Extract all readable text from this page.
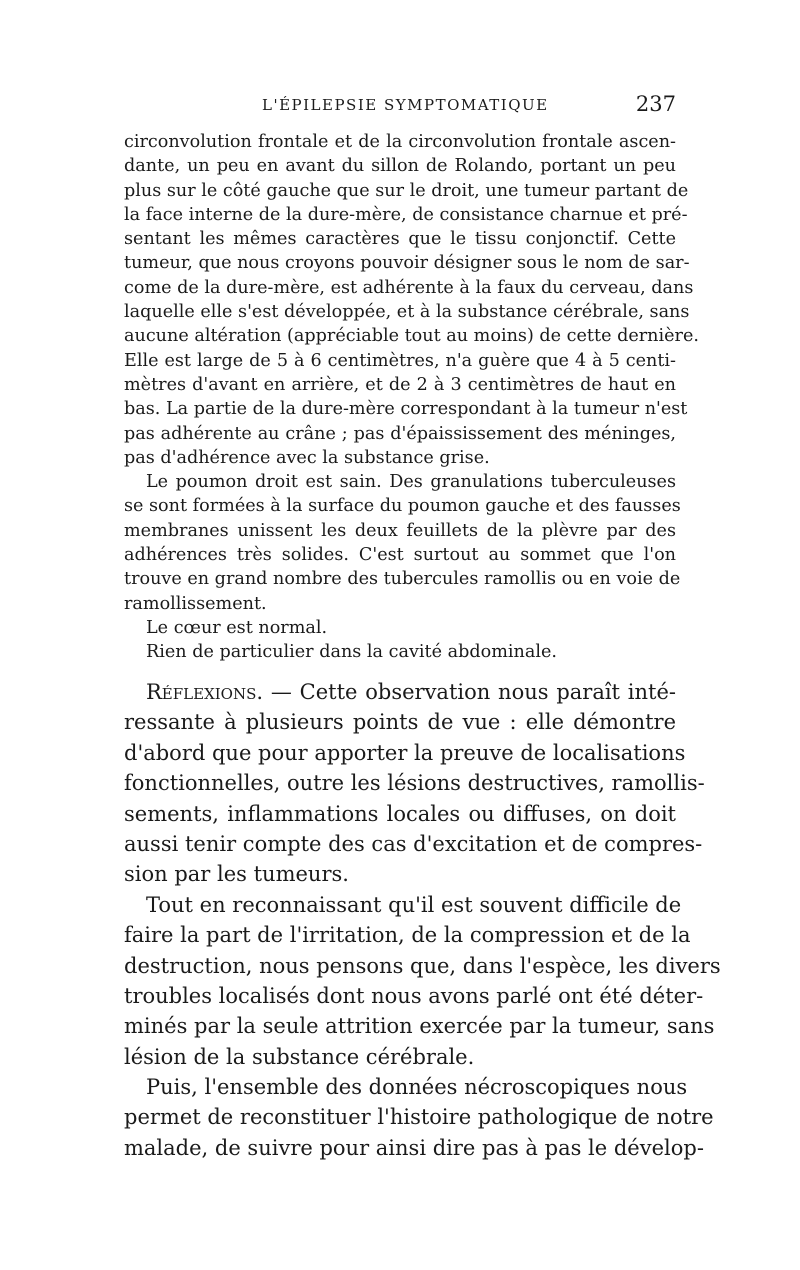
L'ÉPILEPSIE SYMPTOMATIQUE	237
circonvolution frontale et de la circonvolution frontale ascen-
dante, un peu en avant du sillon de Rolando, portant un peu
plus sur le côté gauche que sur le droit, une tumeur partant de
la face interne de la dure-mère, de consistance charnue et pré-
sentant les mêmes caractères que le tissu conjonctif. Cette
tumeur, que nous croyons pouvoir désigner sous le nom de sar-
come de la dure-mère, est adhérente à la faux du cerveau, dans
laquelle elle s'est développée, et à la substance cérébrale, sans
aucune altération (appréciable tout au moins) de cette dernière.
Elle est large de 5 à 6 centimètres, n'a guère que 4 à 5 centi-
mètres d'avant en arrière, et de 2 à 3 centimètres de haut en
bas. La partie de la dure-mère correspondant à la tumeur n'est
pas adhérente au crâne ; pas d'épaississement des méninges,
pas d'adhérence avec la substance grise.
Le poumon droit est sain. Des granulations tuberculeuses
se sont formées à la surface du poumon gauche et des fausses
membranes unissent les deux feuillets de la plèvre par des
adhérences très solides. C'est surtout au sommet que l'on
trouve en grand nombre des tubercules ramollis ou en voie de
ramollissement.
Le cœur est normal.
Rien de particulier dans la cavité abdominale.
Réflexions. — Cette observation nous paraît inté-
ressante à plusieurs points de vue : elle démontre
d'abord que pour apporter la preuve de localisations
fonctionnelles, outre les lésions destructives, ramollis-
sements, inflammations locales ou diffuses, on doit
aussi tenir compte des cas d'excitation et de compres-
sion par les tumeurs.
Tout en reconnaissant qu'il est souvent difficile de
faire la part de l'irritation, de la compression et de la
destruction, nous pensons que, dans l'espèce, les divers
troubles localisés dont nous avons parlé ont été déter-
minés par la seule attrition exercée par la tumeur, sans
lésion de la substance cérébrale.
Puis, l'ensemble des données nécroscopiques nous
permet de reconstituer l'histoire pathologique de notre
malade, de suivre pour ainsi dire pas à pas le dévelop-
